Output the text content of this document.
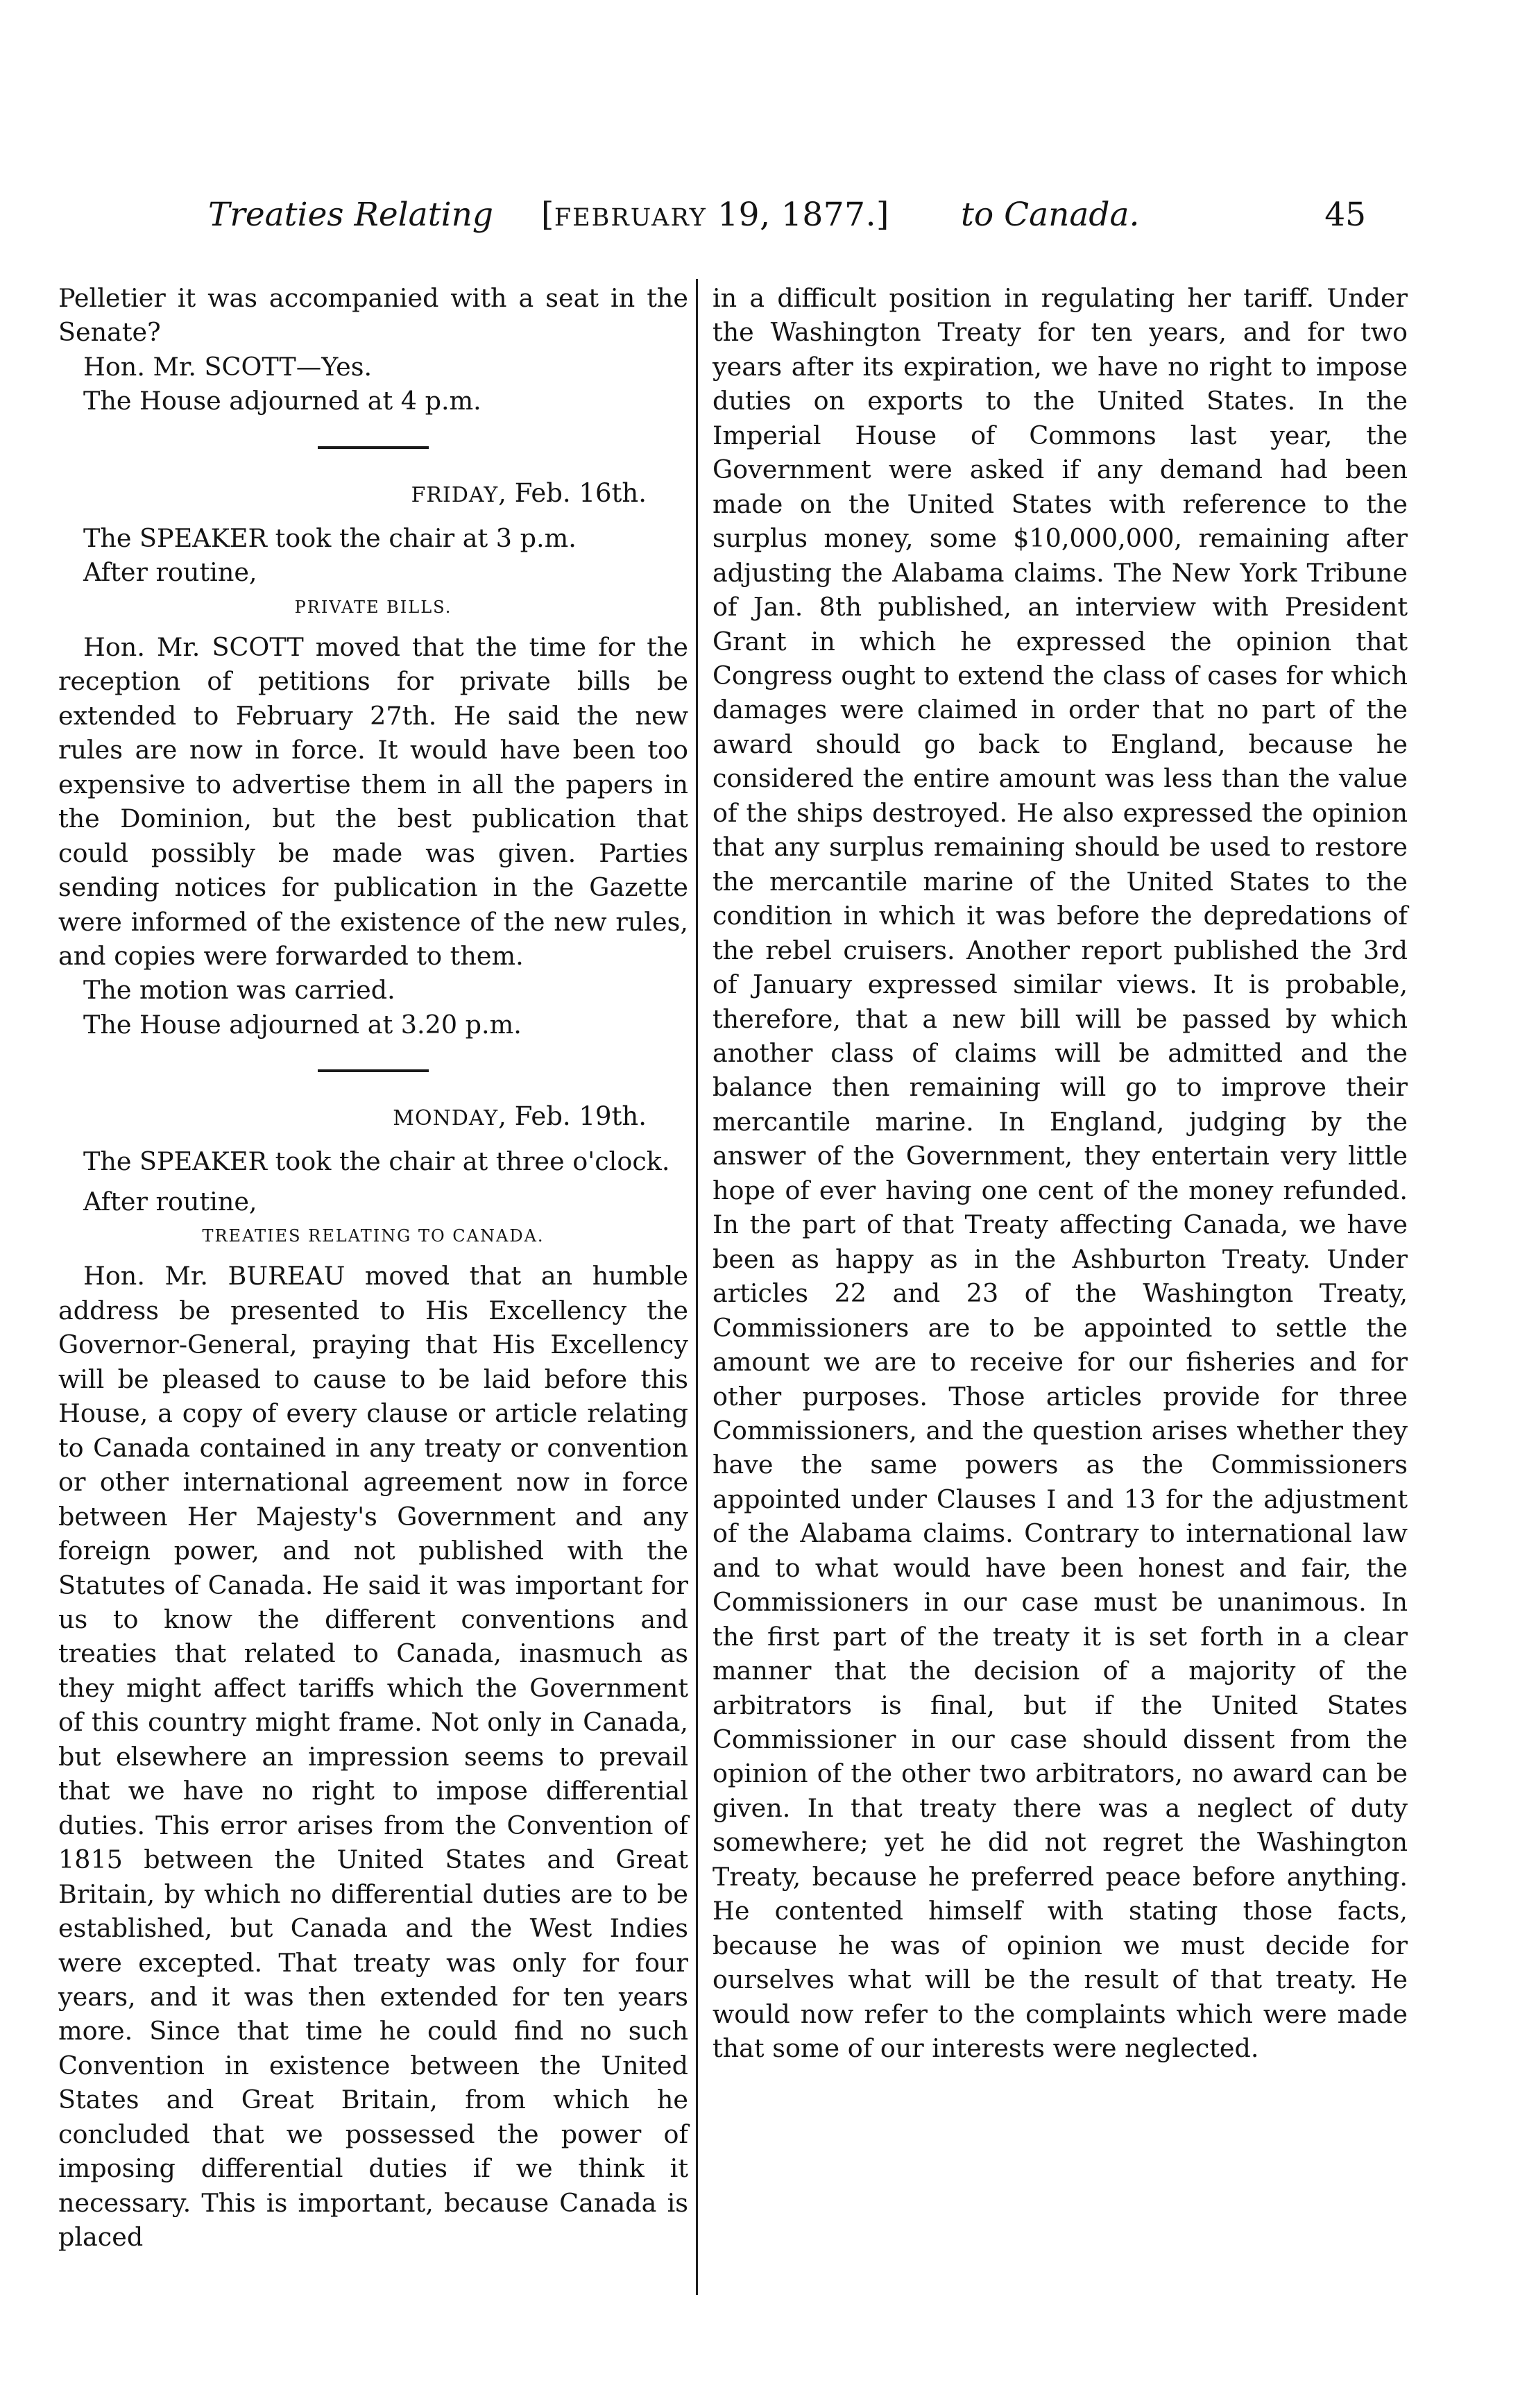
Treaties Relating [FEBRUARY 19, 1877.] to Canada.	45

Pelletier it was accompanied with a seat in the Senate?

Hon. Mr. SCOTT—Yes.

The House adjourned at 4 p.m.

FRIDAY, Feb. 16th.

The SPEAKER took the chair at 3 p.m.

After routine,

PRIVATE BILLS.

Hon. Mr. SCOTT moved that the time for the reception of petitions for private bills be extended to February 27th. He said the new rules are now in force. It would have been too expensive to advertise them in all the papers in the Dominion, but the best publication that could possibly be made was given. Parties sending notices for publication in the Gazette were informed of the existence of the new rules, and copies were forwarded to them.

The motion was carried.

The House adjourned at 3.20 p.m.

MONDAY, Feb. 19th.

The SPEAKER took the chair at three o'clock.

After routine,

TREATIES RELATING TO CANADA.

Hon. Mr. BUREAU moved that an humble address be presented to His Excellency the Governor-General, praying that His Excellency will be pleased to cause to be laid before this House, a copy of every clause or article relating to Canada contained in any treaty or convention or other international agreement now in force between Her Majesty's Government and any foreign power, and not published with the Statutes of Canada. He said it was important for us to know the different conventions and treaties that related to Canada, inasmuch as they might affect tariffs which the Government of this country might frame. Not only in Canada, but elsewhere an impression seems to prevail that we have no right to impose differential duties. This error arises from the Convention of 1815 between the United States and Great Britain, by which no differential duties are to be established, but Canada and the West Indies were excepted. That treaty was only for four years, and it was then extended for ten years more. Since that time he could find no such Convention in existence between the United States and Great Britain, from which he concluded that we possessed the power of imposing differential duties if we think it necessary. This is important, because Canada is placed

in a difficult position in regulating her tariff. Under the Washington Treaty for ten years, and for two years after its expiration, we have no right to impose duties on exports to the United States. In the Imperial House of Commons last year, the Government were asked if any demand had been made on the United States with reference to the surplus money, some $10,000,000, remaining after adjusting the Alabama claims. The New York Tribune of Jan. 8th published, an interview with President Grant in which he expressed the opinion that Congress ought to extend the class of cases for which damages were claimed in order that no part of the award should go back to England, because he considered the entire amount was less than the value of the ships destroyed. He also expressed the opinion that any surplus remaining should be used to restore the mercantile marine of the United States to the condition in which it was before the depredations of the rebel cruisers. Another report published the 3rd of January expressed similar views. It is probable, therefore, that a new bill will be passed by which another class of claims will be admitted and the balance then remaining will go to improve their mercantile marine. In England, judging by the answer of the Government, they entertain very little hope of ever having one cent of the money refunded. In the part of that Treaty affecting Canada, we have been as happy as in the Ashburton Treaty. Under articles 22 and 23 of the Washington Treaty, Commissioners are to be appointed to settle the amount we are to receive for our fisheries and for other purposes. Those articles provide for three Commissioners, and the question arises whether they have the same powers as the Commissioners appointed under Clauses I and 13 for the adjustment of the Alabama claims. Contrary to international law and to what would have been honest and fair, the Commissioners in our case must be unanimous. In the first part of the treaty it is set forth in a clear manner that the decision of a majority of the arbitrators is final, but if the United States Commissioner in our case should dissent from the opinion of the other two arbitrators, no award can be given. In that treaty there was a neglect of duty somewhere; yet he did not regret the Washington Treaty, because he preferred peace before anything. He contented himself with stating those facts, because he was of opinion we must decide for ourselves what will be the result of that treaty. He would now refer to the complaints which were made that some of our interests were neglected.
